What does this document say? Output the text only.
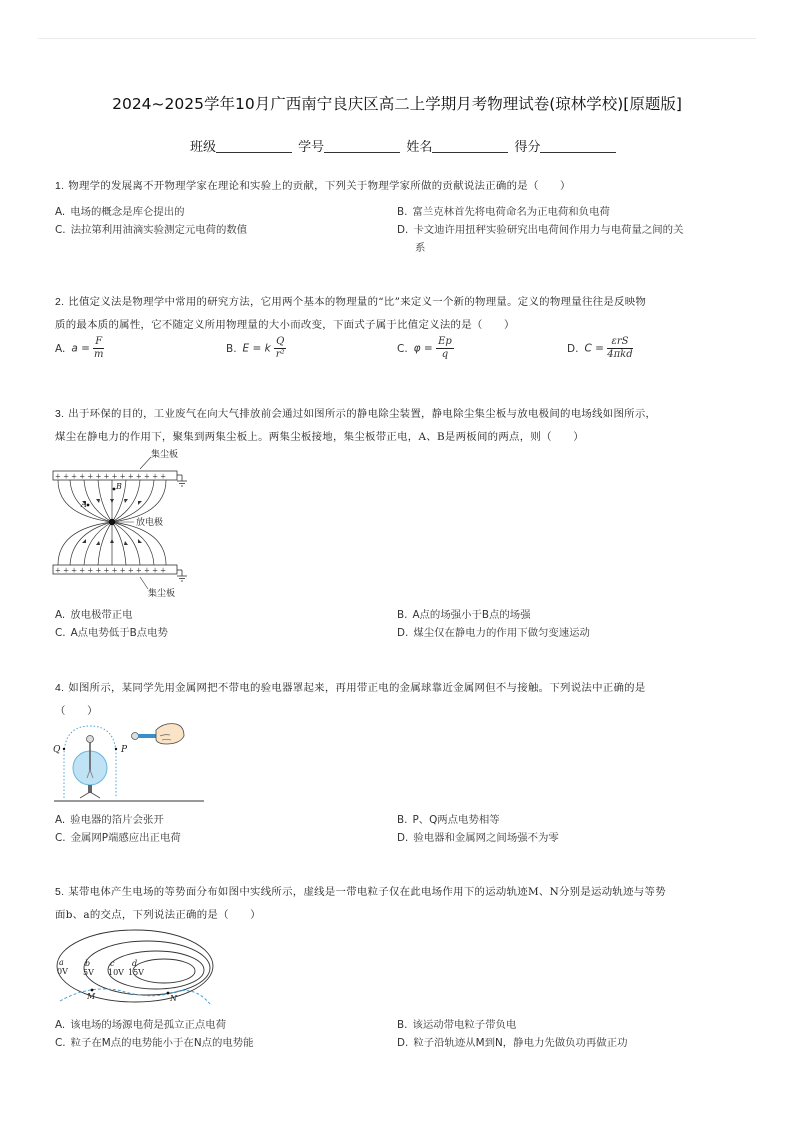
2024~2025学年10月广西南宁良庆区高二上学期月考物理试卷(琼林学校)[原题版]
班级	学号	姓名	得分
1. 物理学的发展离不开物理学家在理论和实验上的贡献，下列关于物理学家所做的贡献说法正确的是（　　）
A. 电场的概念是库仑提出的	B. 富兰克林首先将电荷命名为正电荷和负电荷
C. 法拉第利用油滴实验测定元电荷的数值	D. 卡文迪许用扭秤实验研究出电荷间作用力与电荷量之间的关
系
2. 比值定义法是物理学中常用的研究方法，它用两个基本的物理量的“比”来定义一个新的物理量。定义的物理量往往是反映物
质的最本质的属性，它不随定义所用物理量的大小而改变，下面式子属于比值定义法的是（　　）
A. $a = \frac{F}{m}$	B. E = k $\frac{Q}{\text{r²}}$	C. $\varphi = \frac{Ep}{q}$	D. $C = \frac{\text{εrS}}{\text{4πkd}}$
3. 出于环保的目的，工业废气在向大气排放前会通过如图所示的静电除尘装置，静电除尘集尘板与放电极间的电场线如图所示，
煤尘在静电力的作用下，聚集到两集尘板上。两集尘板接地，集尘板带正电，A、B是两板间的两点，则（　　）
+ + + + + + + + + + + + + +
+ + + + + + + + + + + + + +
A
B
集尘板
放电极
集尘板
A. 放电极带正电	B. A点的场强小于B点的场强
C. A点电势低于B点电势	D. 煤尘仅在静电力的作用下做匀变速运动
4. 如图所示，某同学先用金属网把不带电的验电器罩起来，再用带正电的金属球靠近金属网但不与接触。下列说法中正确的是
（　　）
Q	P
A. 验电器的箔片会张开	B. P、Q两点电势相等
C. 金属网P端感应出正电荷	D. 验电器和金属网之间场强不为零
5. 某带电体产生电场的等势面分布如图中实线所示，虚线是一带电粒子仅在此电场作用下的运动轨迹M、N分别是运动轨迹与等势
面b、a的交点，下列说法正确的是（　　）
M	N
a
0V
b
5V
c
10V
d
15V
A. 该电场的场源电荷是孤立正点电荷	B. 该运动带电粒子带负电
C. 粒子在M点的电势能小于在N点的电势能	D. 粒子沿轨迹从M到N，静电力先做负功再做正功
